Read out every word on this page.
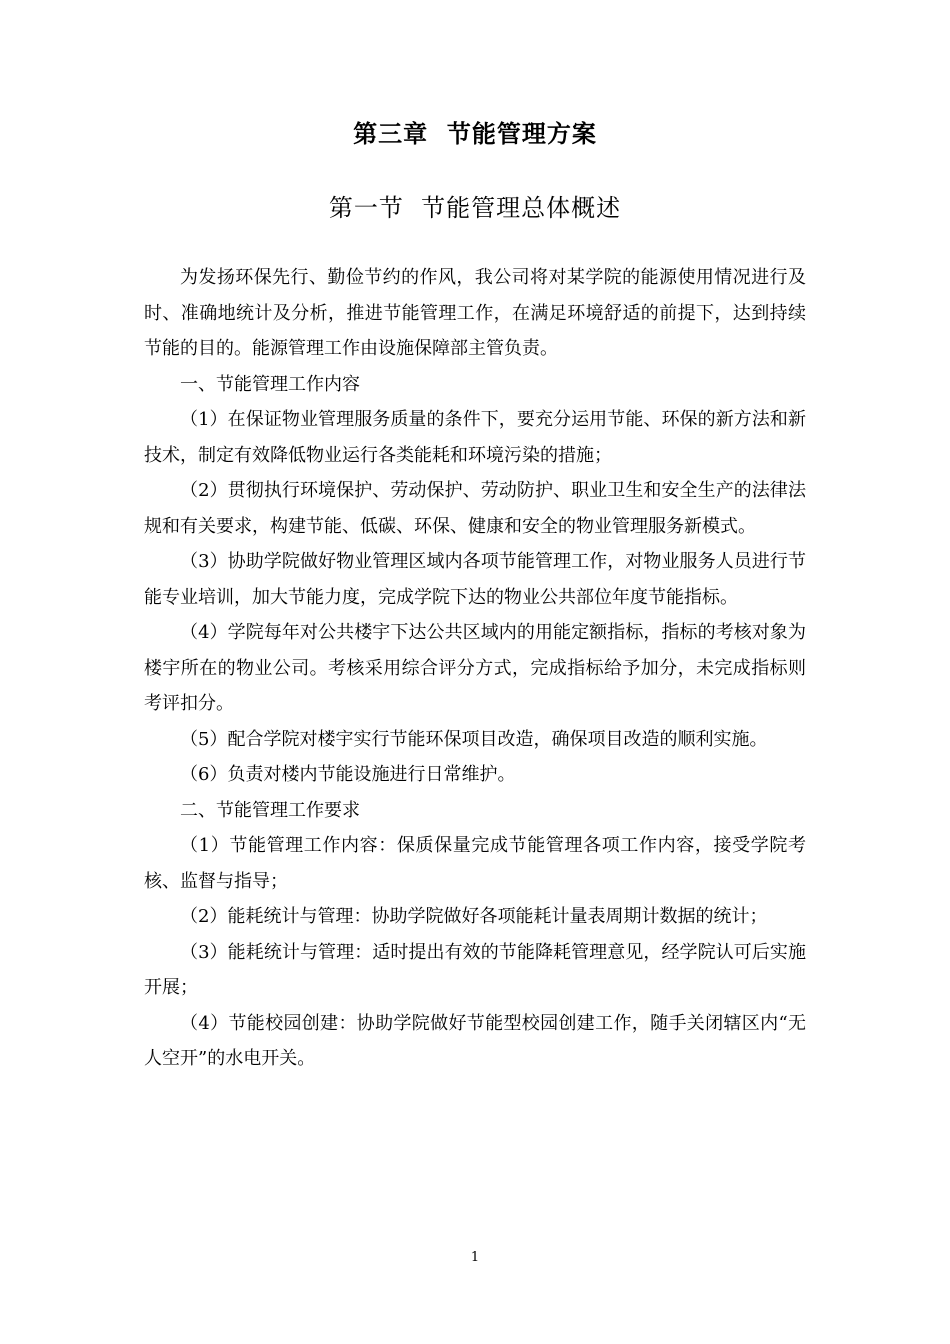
第三章  节能管理方案
第一节  节能管理总体概述

为发扬环保先行、勤俭节约的作风，我公司将对某学院的能源使用情况进行及时、准确地统计及分析，推进节能管理工作，在满足环境舒适的前提下，达到持续节能的目的。能源管理工作由设施保障部主管负责。

一、节能管理工作内容

（1）在保证物业管理服务质量的条件下，要充分运用节能、环保的新方法和新技术，制定有效降低物业运行各类能耗和环境污染的措施；

（2）贯彻执行环境保护、劳动保护、劳动防护、职业卫生和安全生产的法律法规和有关要求，构建节能、低碳、环保、健康和安全的物业管理服务新模式。

（3）协助学院做好物业管理区域内各项节能管理工作，对物业服务人员进行节能专业培训，加大节能力度，完成学院下达的物业公共部位年度节能指标。

（4）学院每年对公共楼宇下达公共区域内的用能定额指标，指标的考核对象为楼宇所在的物业公司。考核采用综合评分方式，完成指标给予加分，未完成指标则考评扣分。

（5）配合学院对楼宇实行节能环保项目改造，确保项目改造的顺利实施。

（6）负责对楼内节能设施进行日常维护。

二、节能管理工作要求

（1）节能管理工作内容：保质保量完成节能管理各项工作内容，接受学院考核、监督与指导；

（2）能耗统计与管理：协助学院做好各项能耗计量表周期计数据的统计；

（3）能耗统计与管理：适时提出有效的节能降耗管理意见，经学院认可后实施开展；

（4）节能校园创建：协助学院做好节能型校园创建工作，随手关闭辖区内“无人空开”的水电开关。

1
